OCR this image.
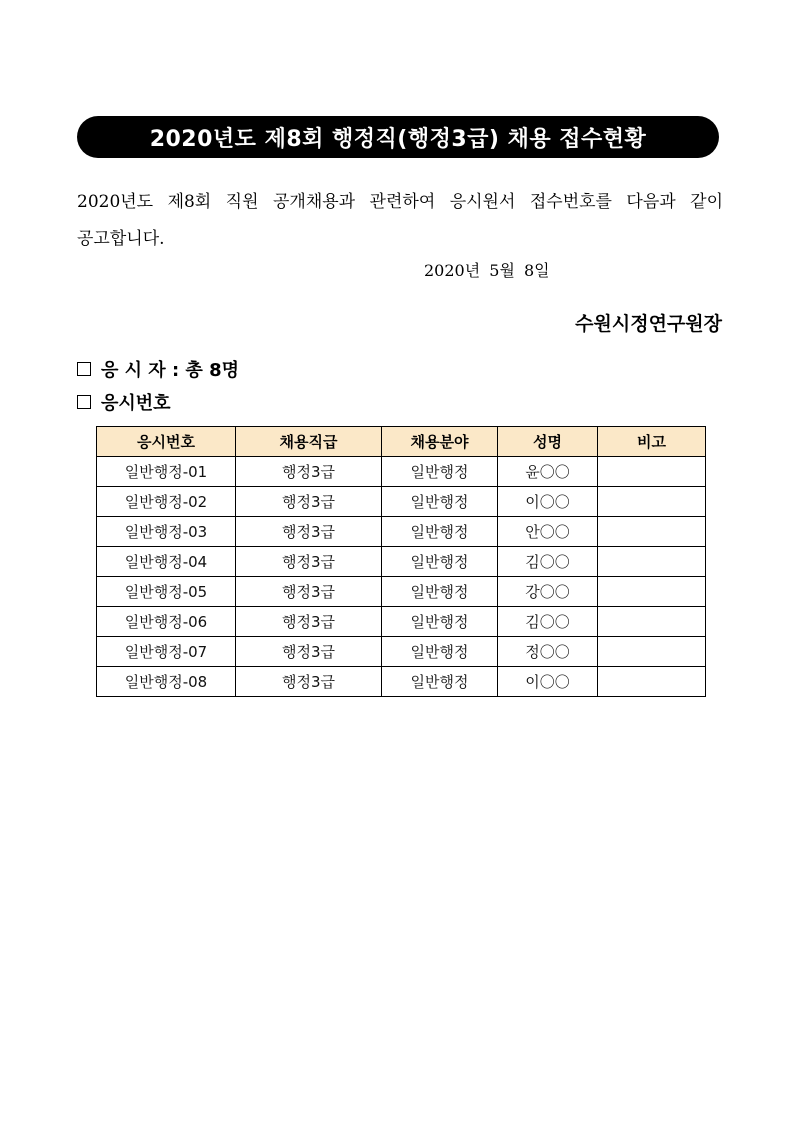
2020년도 제8회 행정직(행정3급) 채용 접수현황
2020년도 제8회 직원 공개채용과 관련하여 응시원서 접수번호를 다음과 같이 공고합니다.
2020년 5월 8일
수원시정연구원장
응 시 자 : 총 8명
응시번호
응시번호	채용직급	채용분야	성명	비고
일반행정-01	행정3급	일반행정	윤〇〇	
일반행정-02	행정3급	일반행정	이〇〇	
일반행정-03	행정3급	일반행정	안〇〇	
일반행정-04	행정3급	일반행정	김〇〇	
일반행정-05	행정3급	일반행정	강〇〇	
일반행정-06	행정3급	일반행정	김〇〇	
일반행정-07	행정3급	일반행정	정〇〇	
일반행정-08	행정3급	일반행정	이〇〇	
